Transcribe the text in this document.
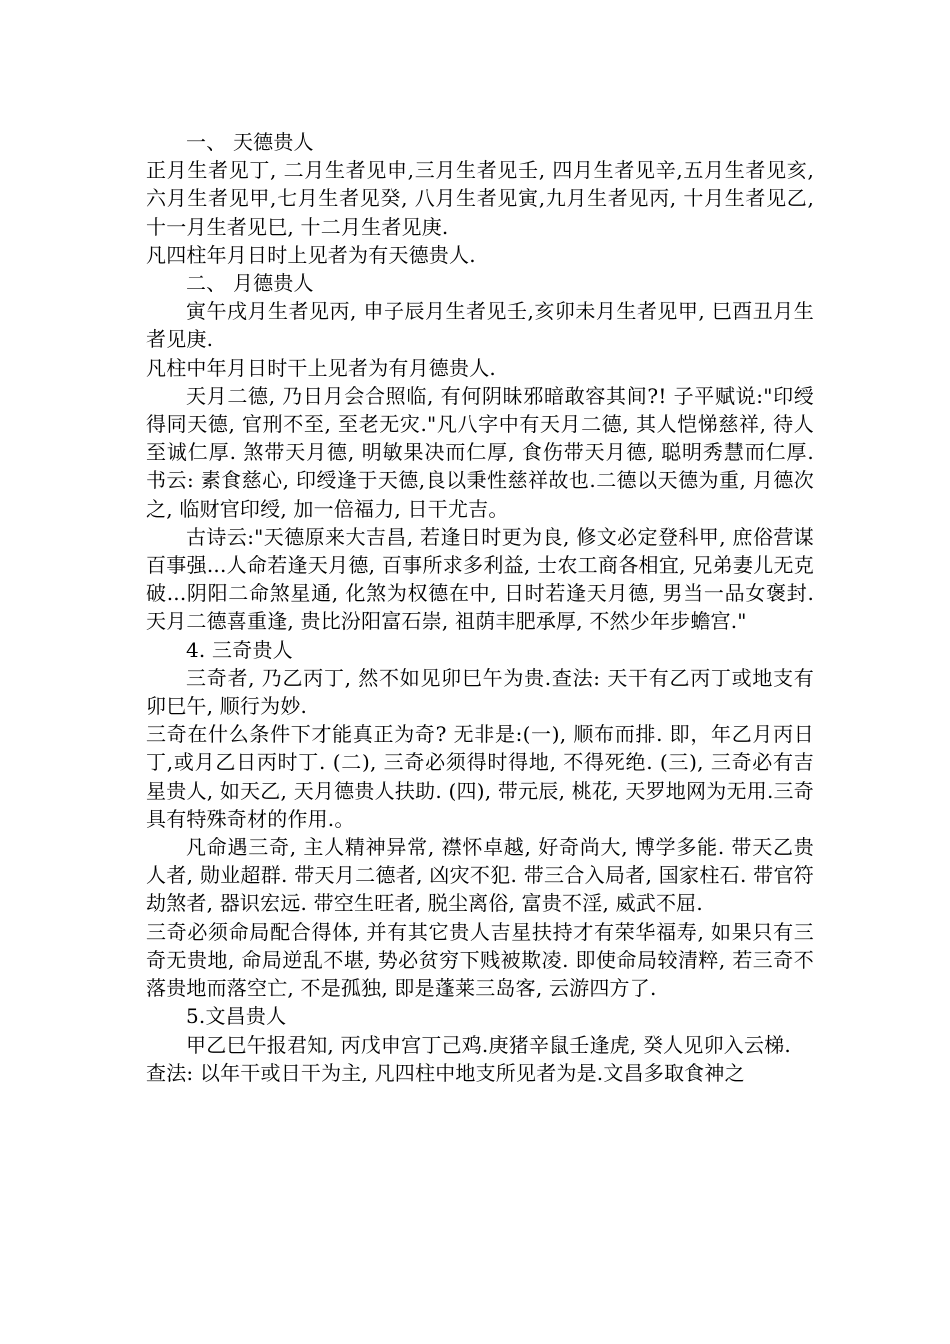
一、 天德贵人

正月生者见丁, 二月生者见申,三月生者见壬, 四月生者见辛,五月生者见亥, 六月生者见甲,七月生者见癸, 八月生者见寅,九月生者见丙, 十月生者见乙,十一月生者见巳, 十二月生者见庚.

凡四柱年月日时上见者为有天德贵人.

二、 月德贵人

寅午戌月生者见丙, 申子辰月生者见壬,亥卯未月生者见甲, 巳酉丑月生者见庚.

凡柱中年月日时干上见者为有月德贵人.

天月二德, 乃日月会合照临, 有何阴昧邪暗敢容其间?! 子平赋说:"印绶得同天德, 官刑不至, 至老无灾."凡八字中有天月二德, 其人恺悌慈祥, 待人至诚仁厚. 煞带天月德, 明敏果决而仁厚, 食伤带天月德, 聪明秀慧而仁厚. 书云: 素食慈心, 印绶逢于天德,良以秉性慈祥故也.二德以天德为重, 月德次之, 临财官印绶, 加一倍福力, 日干尤吉。

古诗云:"天德原来大吉昌, 若逢日时更为良, 修文必定登科甲, 庶俗营谋百事强...人命若逢天月德, 百事所求多利益, 士农工商各相宜, 兄弟妻儿无克破...阴阳二命煞星通, 化煞为权德在中, 日时若逢天月德, 男当一品女褒封. 天月二德喜重逢, 贵比汾阳富石崇, 祖荫丰肥承厚, 不然少年步蟾宫."

4. 三奇贵人

三奇者, 乃乙丙丁, 然不如见卯巳午为贵.查法: 天干有乙丙丁或地支有卯巳午, 顺行为妙.

三奇在什么条件下才能真正为奇? 无非是:(一), 顺布而排. 即，年乙月丙日丁,或月乙日丙时丁. (二), 三奇必须得时得地, 不得死绝. (三), 三奇必有吉星贵人, 如天乙, 天月德贵人扶助. (四), 带元辰, 桃花, 天罗地网为无用.三奇具有特殊奇材的作用.。

凡命遇三奇, 主人精神异常, 襟怀卓越, 好奇尚大, 博学多能. 带天乙贵人者, 勋业超群. 带天月二德者, 凶灾不犯. 带三合入局者, 国家柱石. 带官符劫煞者, 器识宏远. 带空生旺者, 脱尘离俗, 富贵不淫, 威武不屈.

三奇必须命局配合得体, 并有其它贵人吉星扶持才有荣华福寿, 如果只有三奇无贵地, 命局逆乱不堪, 势必贫穷下贱被欺凌. 即使命局较清粹, 若三奇不落贵地而落空亡, 不是孤独, 即是蓬莱三岛客, 云游四方了.

5.文昌贵人

甲乙巳午报君知, 丙戊申宫丁己鸡.庚猪辛鼠壬逢虎, 癸人见卯入云梯.

查法: 以年干或日干为主, 凡四柱中地支所见者为是.文昌多取食神之
